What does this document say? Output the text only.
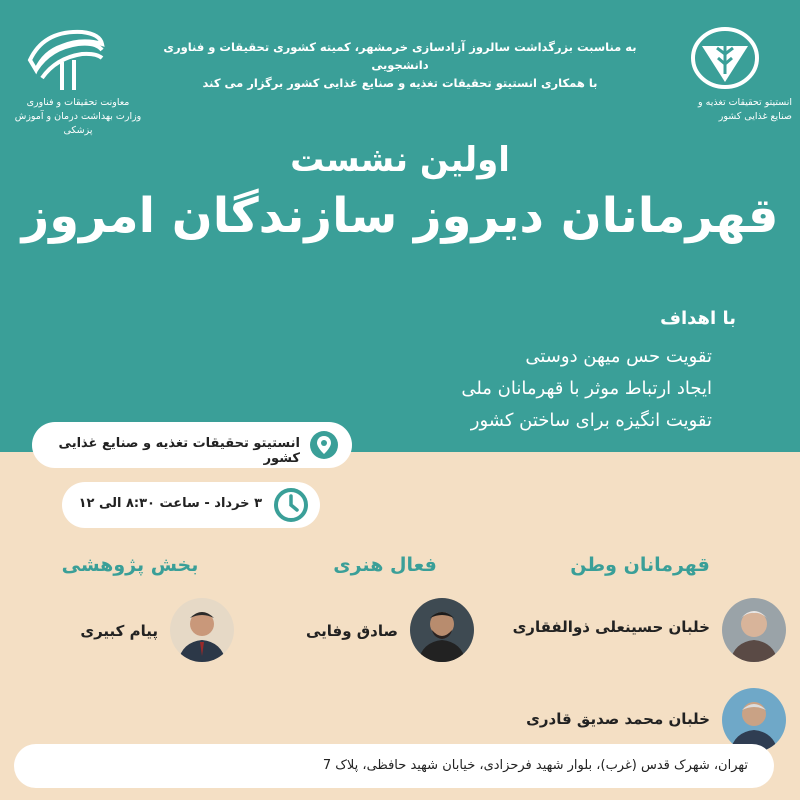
معاونت تحقیقات و فناوری
وزارت بهداشت درمان و آموزش
پزشکی
انستیتو تحقیقات تغذیه و
صنایع غذایی کشور
به مناسبت بزرگداشت سالروز آزادسازی خرمشهر، کمیته کشوری تحقیقات و فناوری دانشجویی
با همکاری انستیتو تحقیقات تغذیه و صنایع غذایی کشور برگزار می کند
اولین نشست
قهرمانان دیروز سازندگان امروز
با اهداف
تقویت حس میهن دوستی
ایجاد ارتباط موثر با قهرمانان ملی
تقویت انگیزه برای ساختن کشور
انستیتو تحقیقات تغذیه و صنایع غذایی کشور
۳ خرداد - ساعت ۸:۳۰ الی ۱۲
قهرمانان وطن
فعال هنری
بخش پژوهشی
خلبان حسینعلی ذوالفقاری
خلبان محمد صدیق قادری
صادق وفایی
پیام کبیری
تهران، شهرک قدس (غرب)، بلوار شهید فرحزادی، خیابان شهید حافظی، پلاک 7
